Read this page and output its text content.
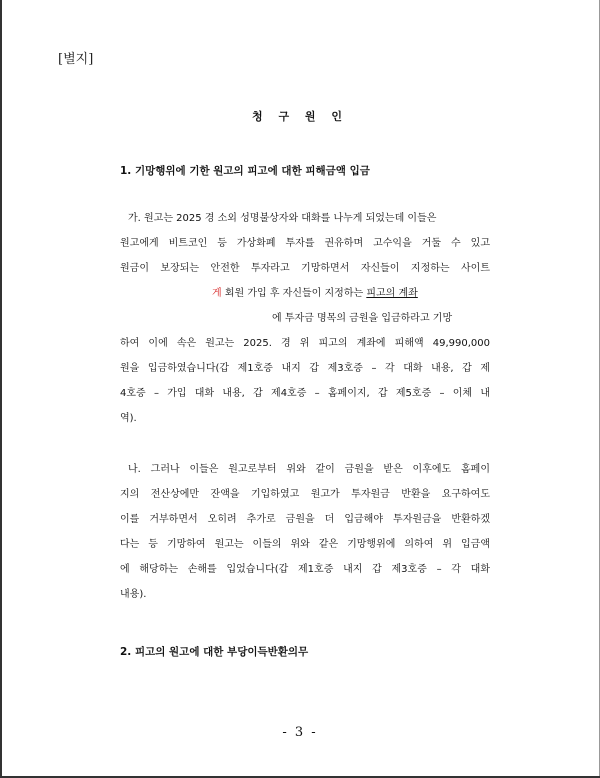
[별지]
청 구 원 인
1. 기망행위에 기한 원고의 피고에 대한 피해금액 입금
가. 원고는 2025 경 소외 성명불상자와 대화를 나누게 되었는데 이들은
원고에게 비트코인 등 가상화폐 투자를 권유하며 고수익을 거둘 수 있고
원금이 보장되는 안전한 투자라고 기망하면서 자신들이 지정하는 사이트
게 회원 가입 후 자신들이 지정하는 피고의 계좌
에 투자금 명목의 금원을 입금하라고 기망
하여 이에 속은 원고는 2025. 경 위 피고의 계좌에 피해액 49,990,000
원을 입금하였습니다(갑 제1호증 내지 갑 제3호증 – 각 대화 내용, 갑 제
4호증 – 가입 대화 내용, 갑 제4호증 – 홈페이지, 갑 제5호증 – 이체 내
역).
나. 그러나 이들은 원고로부터 위와 같이 금원을 받은 이후에도 홈페이
지의 전산상에만 잔액을 기입하였고 원고가 투자원금 반환을 요구하여도
이를 거부하면서 오히려 추가로 금원을 더 입금해야 투자원금을 반환하겠
다는 등 기망하여 원고는 이들의 위와 같은 기망행위에 의하여 위 입금액
에 해당하는 손해를 입었습니다(갑 제1호증 내지 갑 제3호증 – 각 대화
내용).
2. 피고의 원고에 대한 부당이득반환의무
- 3 -
